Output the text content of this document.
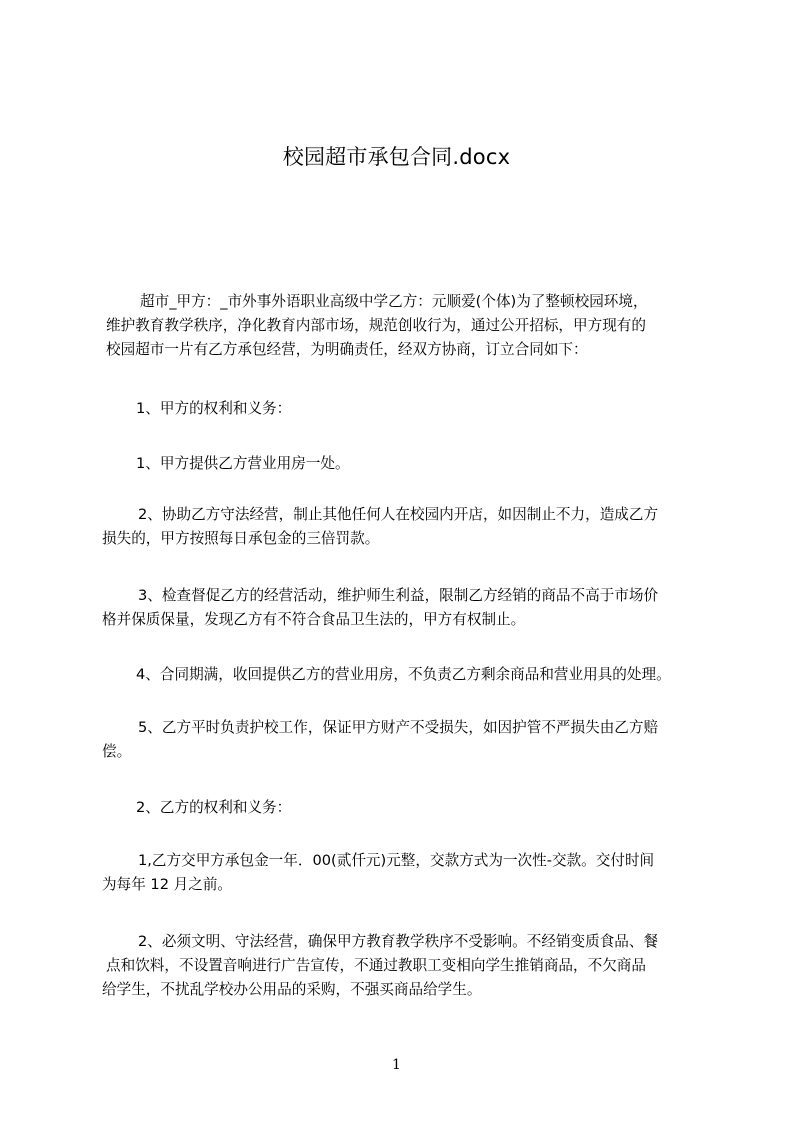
校园超市承包合同.docx
超市_甲方：_市外事外语职业高级中学乙方：元顺爱(个体)为了整顿校园环境，
维护教育教学秩序，净化教育内部市场，规范创收行为，通过公开招标，甲方现有的
校园超市一片有乙方承包经营，为明确责任，经双方协商，订立合同如下：
1、甲方的权利和义务：
1、甲方提供乙方营业用房一处。
2、协助乙方守法经营，制止其他任何人在校园内开店，如因制止不力，造成乙方
损失的，甲方按照每日承包金的三倍罚款。
3、检查督促乙方的经营活动，维护师生利益，限制乙方经销的商品不高于市场价
格并保质保量，发现乙方有不符合食品卫生法的，甲方有权制止。
4、合同期满，收回提供乙方的营业用房，不负责乙方剩余商品和营业用具的处理。
5、乙方平时负责护校工作，保证甲方财产不受损失，如因护管不严损失由乙方赔
偿。
2、乙方的权利和义务：
1,乙方交甲方承包金一年．00(贰仟元)元整，交款方式为一次性-交款。交付时间
为每年 12 月之前。
2、必须文明、守法经营，确保甲方教育教学秩序不受影响。不经销变质食品、餐
点和饮料，不设置音响进行广告宣传，不通过教职工变相向学生推销商品，不欠商品
给学生，不扰乱学校办公用品的采购，不强买商品给学生。
1
